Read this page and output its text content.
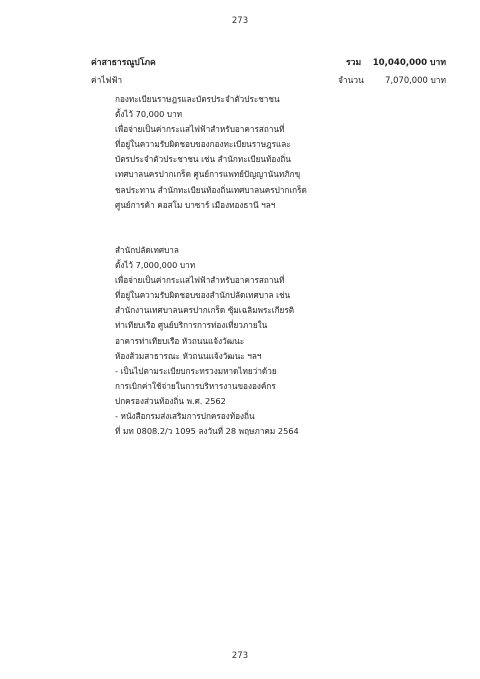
273
ค่าสาธารณูปโภค	รวม 10,040,000 บาท
ค่าไฟฟ้า	จำนวน	7,070,000 บาท
กองทะเบียนราษฎรและบัตรประจำตัวประชาชน
ตั้งไว้ 70,000 บาท
เพื่อจ่ายเป็นค่ากระแสไฟฟ้าสำหรับอาคารสถานที่
ที่อยู่ในความรับผิดชอบของกองทะเบียนราษฎรและ
บัตรประจำตัวประชาชน เช่น สำนักทะเบียนท้องถิ่น
เทศบาลนครปากเกร็ด ศูนย์การแพทย์ปัญญานันทภิกขุ
ชลประทาน สำนักทะเบียนท้องถิ่นเทศบาลนครปากเกร็ด
ศูนย์การค้า คอสโม บาซาร์ เมืองทองธานี ฯลฯ
สำนักปลัดเทศบาล
ตั้งไว้ 7,000,000 บาท
เพื่อจ่ายเป็นค่ากระแสไฟฟ้าสำหรับอาคารสถานที่
ที่อยู่ในความรับผิดชอบของสำนักปลัดเทศบาล เช่น
สำนักงานเทศบาลนครปากเกร็ด ซุ้มเฉลิมพระเกียรติ
ท่าเทียบเรือ ศูนย์บริการการท่องเที่ยวภายใน
อาคารท่าเทียบเรือ หัวถนนแจ้งวัฒนะ
ห้องส้วมสาธารณะ หัวถนนแจ้งวัฒนะ ฯลฯ
- เป็นไปตามระเบียบกระทรวงมหาดไทยว่าด้วย
การเบิกค่าใช้จ่ายในการบริหารงานขององค์กร
ปกครองส่วนท้องถิ่น พ.ศ. 2562
- หนังสือกรมส่งเสริมการปกครองท้องถิ่น
ที่ มท 0808.2/ว 1095 ลงวันที่ 28 พฤษภาคม 2564
273
